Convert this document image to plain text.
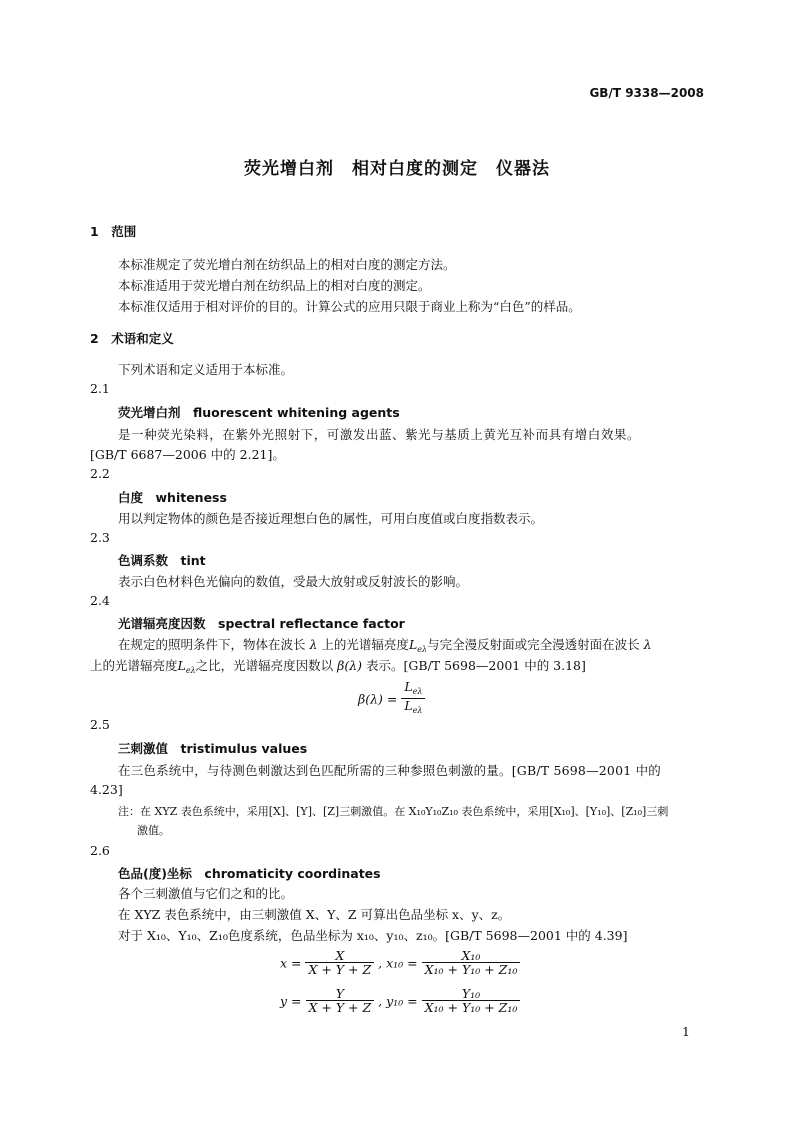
GB/T 9338—2008
荧光增白剂　相对白度的测定　仪器法
1　范围
本标准规定了荧光增白剂在纺织品上的相对白度的测定方法。
本标准适用于荧光增白剂在纺织品上的相对白度的测定。
本标准仅适用于相对评价的目的。计算公式的应用只限于商业上称为“白色”的样品。
2　术语和定义
下列术语和定义适用于本标准。
2.1
荧光增白剂　fluorescent whitening agents
是一种荧光染料，在紫外光照射下，可激发出蓝、紫光与基质上黄光互补而具有增白效果。
[GB/T 6687—2006 中的 2.21]。
2.2
白度　whiteness
用以判定物体的颜色是否接近理想白色的属性，可用白度值或白度指数表示。
2.3
色调系数　tint
表示白色材料色光偏向的数值，受最大放射或反射波长的影响。
2.4
光谱辐亮度因数　spectral reflectance factor
在规定的照明条件下，物体在波长 λ 上的光谱辐亮度$L_{e\lambda}$与完全漫反射面或完全漫透射面在波长 λ
上的光谱辐亮度$L_{e\lambda}$之比，光谱辐亮度因数以 β(λ) 表示。[GB/T 5698—2001 中的 3.18]
β(λ) =
$L_{e\lambda}$
$L_{e\lambda}$
2.5
三刺激值　tristimulus values
在三色系统中，与待测色刺激达到色匹配所需的三种参照色刺激的量。[GB/T 5698—2001 中的
4.23]
注：在 XYZ 表色系统中，采用[X]、[Y]、[Z]三刺激值。在 X₁₀Y₁₀Z₁₀ 表色系统中，采用[X₁₀]、[Y₁₀]、[Z₁₀]三刺
激值。
2.6
色品(度)坐标　chromaticity coordinates
各个三刺激值与它们之和的比。
在 XYZ 表色系统中，由三刺激值 X、Y、Z 可算出色品坐标 x、y、z。
对于 X₁₀、Y₁₀、Z₁₀色度系统，色品坐标为 x₁₀、y₁₀、z₁₀。[GB/T 5698—2001 中的 4.39]
$x = \frac{X}{X + Y + Z}$ , $x_{10} = \frac{\text{X₁₀}}{\text{X₁₀ + Y₁₀ + Z₁₀}}$
$y = \frac{Y}{X + Y + Z}$ , $y_{10} = \frac{\text{Y₁₀}}{\text{X₁₀ + Y₁₀ + Z₁₀}}$
1
